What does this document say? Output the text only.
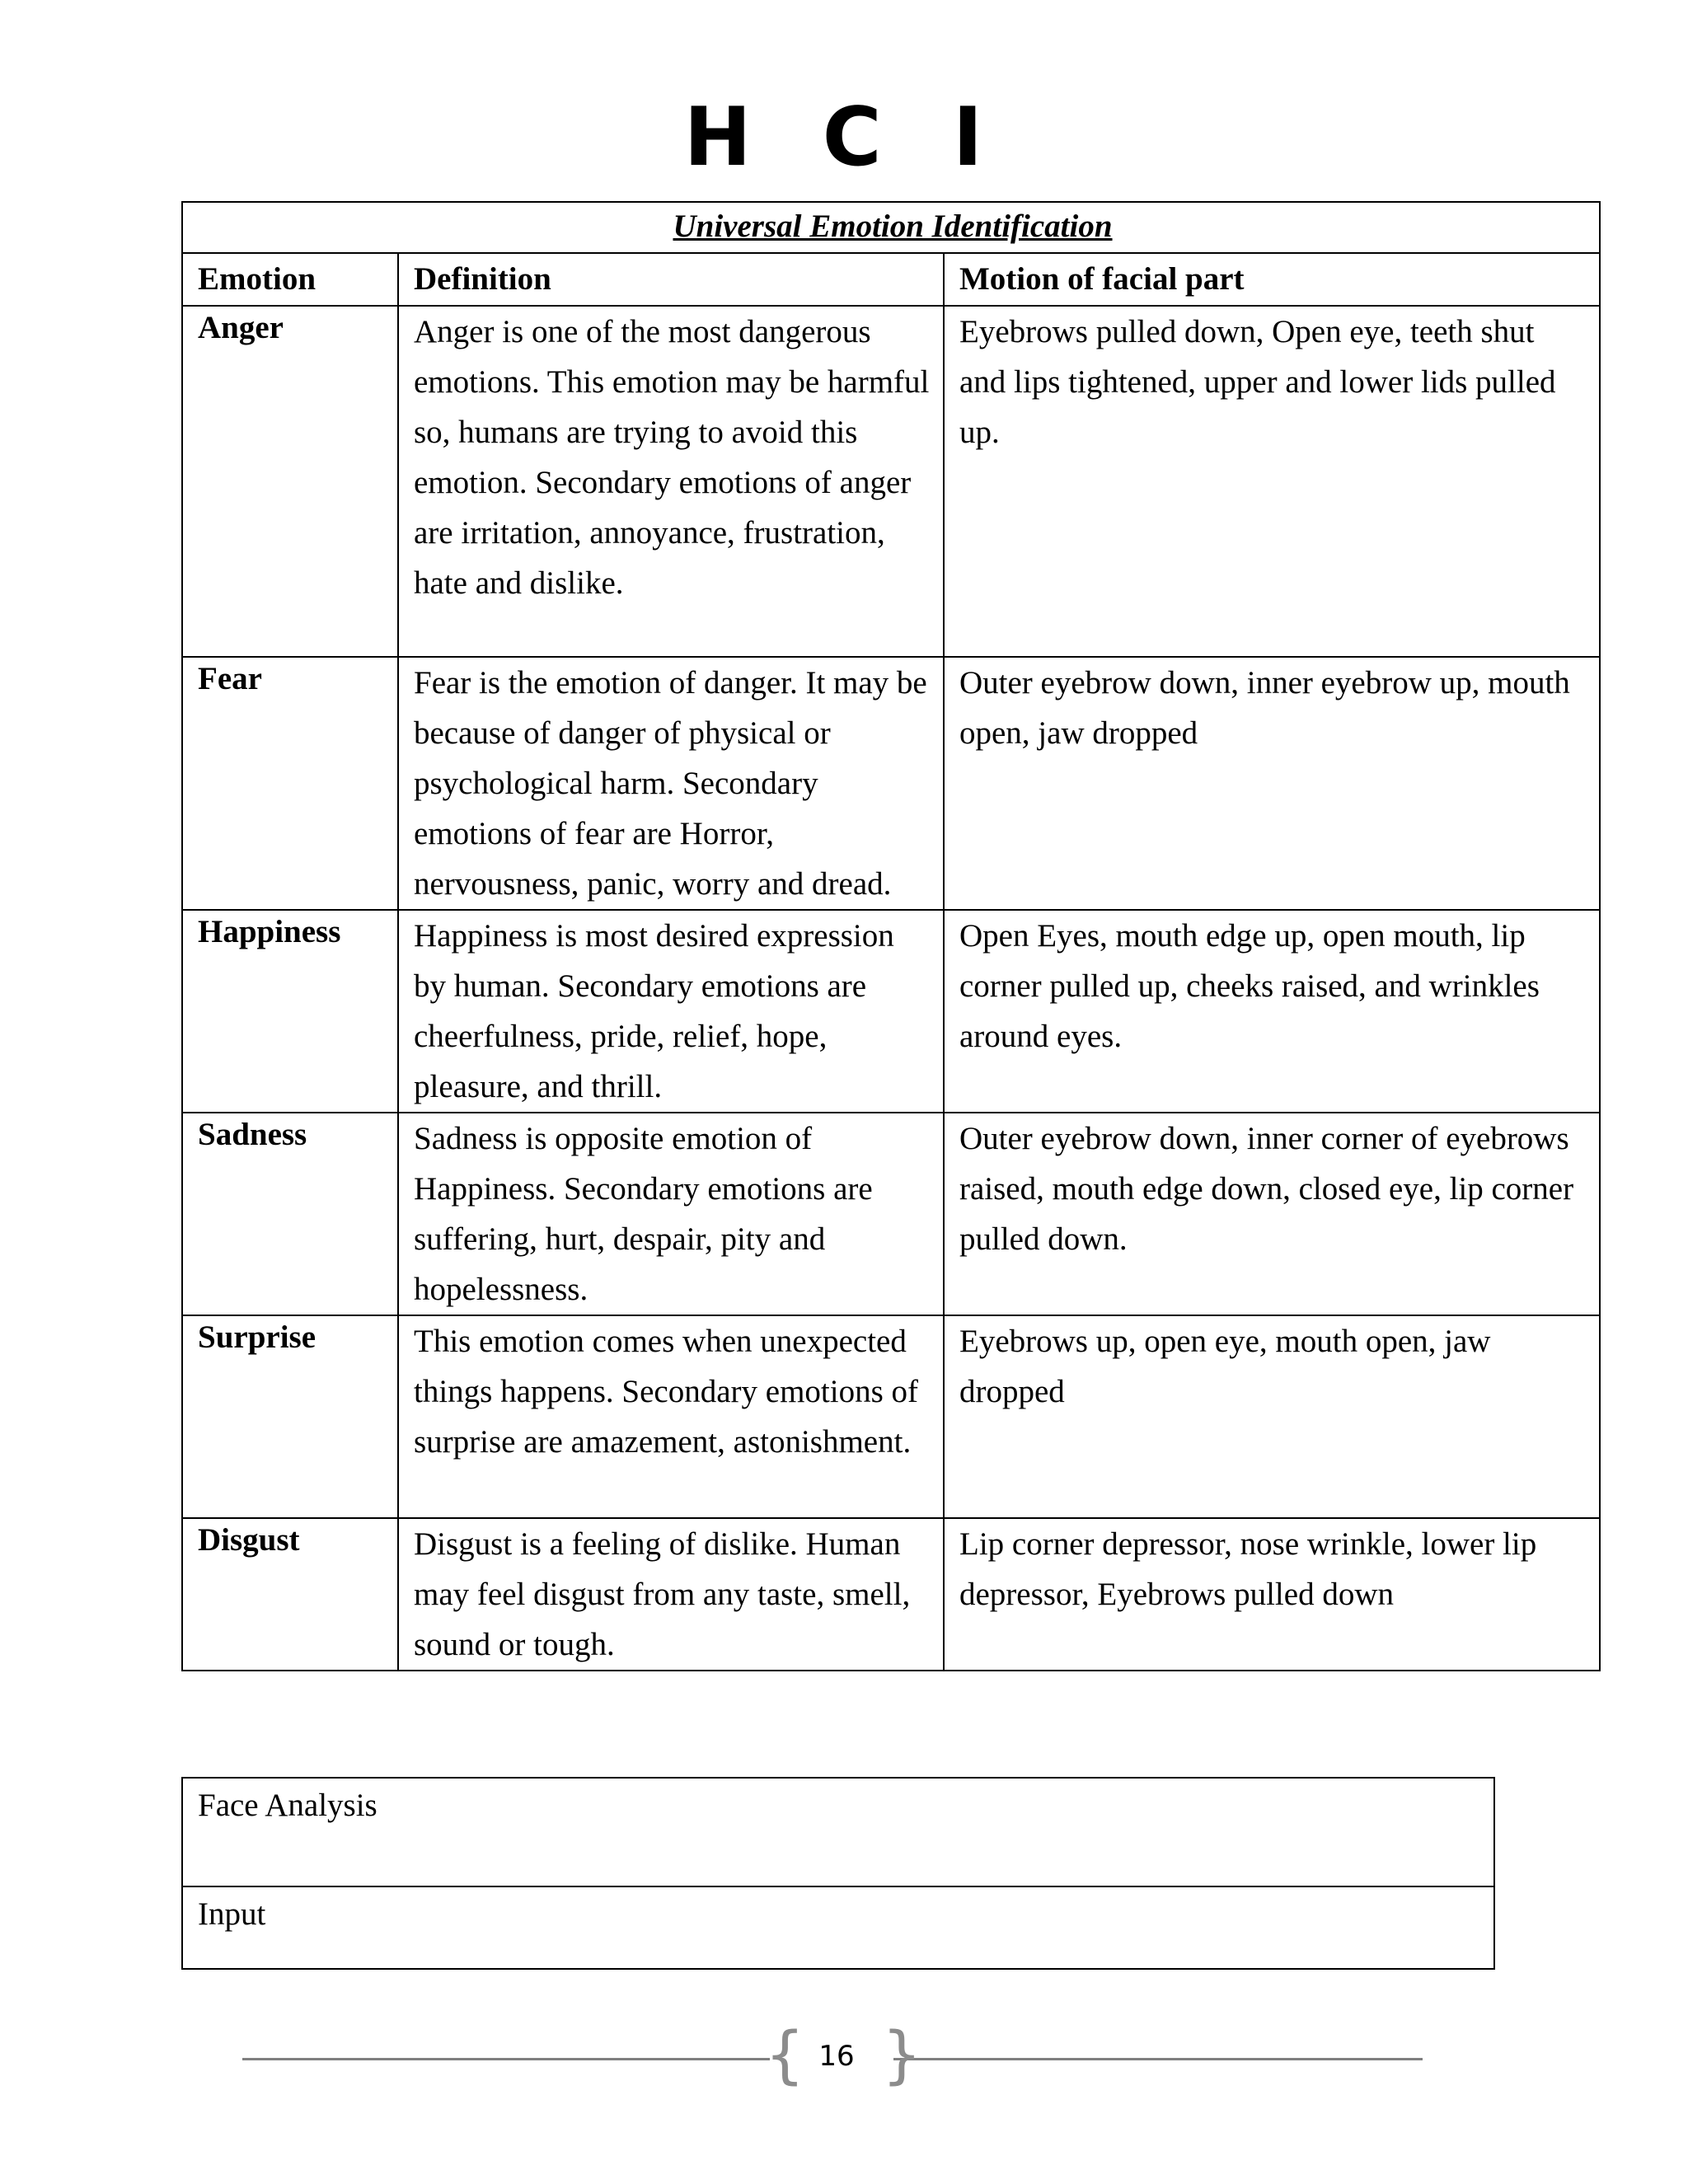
H C I
Universal Emotion Identification		
Emotion	Definition	Motion of facial part
Anger	Anger is one of the most dangerous emotions. This emotion may be harmful so, humans are trying to avoid this emotion. Secondary emotions of anger are irritation, annoyance, frustration, hate and dislike.	Eyebrows pulled down, Open eye, teeth shut and lips tightened, upper and lower lids pulled up.
Fear	Fear is the emotion of danger. It may be because of danger of physical or psychological harm. Secondary emotions of fear are Horror, nervousness, panic, worry and dread.	Outer eyebrow down, inner eyebrow up, mouth open, jaw dropped
Happiness	Happiness is most desired expression by human. Secondary emotions are cheerfulness, pride, relief, hope, pleasure, and thrill.	Open Eyes, mouth edge up, open mouth, lip corner pulled up, cheeks raised, and wrinkles around eyes.
Sadness	Sadness is opposite emotion of Happiness. Secondary emotions are suffering, hurt, despair, pity and hopelessness.	Outer eyebrow down, inner corner of eyebrows raised, mouth edge down, closed eye, lip corner pulled down.
Surprise	This emotion comes when unexpected things happens. Secondary emotions of surprise are amazement, astonishment.	Eyebrows up, open eye, mouth open, jaw dropped
Disgust	Disgust is a feeling of dislike. Human may feel disgust from any taste, smell, sound or tough.	Lip corner depressor, nose wrinkle, lower lip depressor, Eyebrows pulled down
Face Analysis
Input
{ }
16
